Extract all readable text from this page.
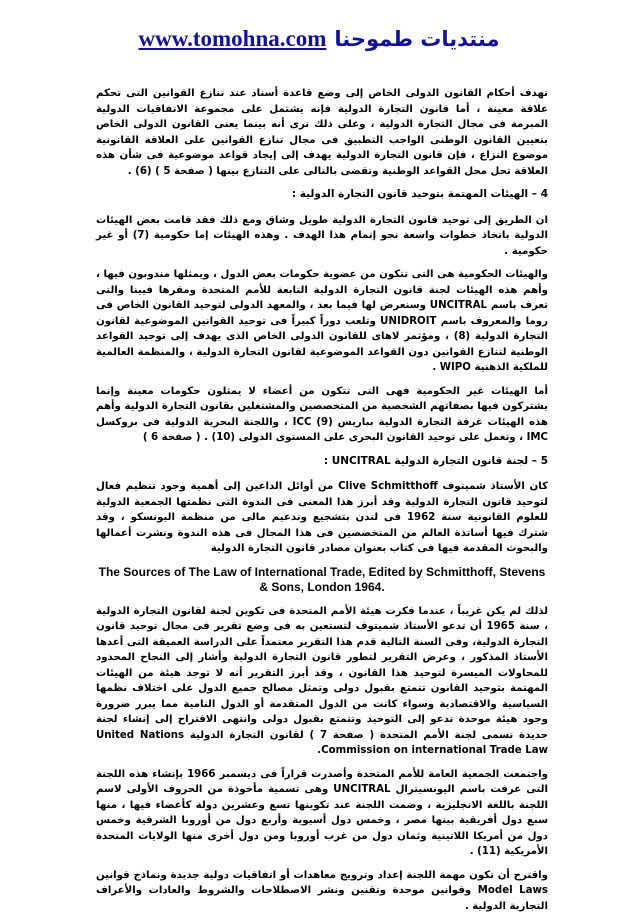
www.tomohna.com منتديات طموحنا

تهدف أحكام القانون الدولى الخاص إلى وضع قاعدة أسناد عند تنازع القوانين التى تحكم علاقة معينة ، أما قانون التجارة الدولية فإنه يشتمل على مجموعة الاتفاقيات الدولية المبرمة فى مجال التجارة الدولية ، وعلى ذلك نرى أنه بينما يعنى القانون الدولى الخاص بتعيين القانون الوطنى الواجب التطبيق فى مجال تنازع القوانين على العلاقة القانونية موضوع النزاع ، فإن قانون التجارة الدولية يهدف إلى إيجاد قواعد موضوعية فى شأن هذه العلاقة تحل محل القواعد الوطنية وتقضى بالتالى على التنازع بينها ( صفحة 5 ) (6) .

4 – الهيئات المهتمة بتوحيد قانون التجارة الدولية :

ان الطريق إلى توحيد قانون التجارة الدولية طويل وشاق ومع ذلك فقد قامت بعض الهيئات الدولية باتخاذ خطوات واسعة نحو إتمام هذا الهدف . وهذه الهيئات إما حكومية (7) أو غير حكومية .

والهيئات الحكومية هى التى تتكون من عضوية حكومات بعض الدول ، ويمثلها مندوبون فيها ، وأهم هذه الهيئات لجنة قانون التجارة الدولية التابعة للأمم المتحدة ومقرها فيينا والتى تعرف باسم UNCITRAL وسنعرض لها فيما بعد ، والمعهد الدولى لتوحيد القانون الخاص فى روما والمعروف باسم UNIDROIT وتلعب دوراً كبيراً فى توحيد القوانين الموضوعية لقانون التجارة الدولية (8) ، ومؤتمر لاهاى للقانون الدولى الخاص الذى يهدف إلى توحيد القواعد الوطنية لتنازع القوانين دون القواعد الموضوعية لقانون التجارة الدولية ، والمنظمة العالمية للملكية الذهنية WIPO .

أما الهيئات غير الحكومية فهى التى تتكون من أعضاء لا يمثلون حكومات معينة وإنما يشتركون فيها بصفاتهم الشخصية من المتخصصين والمشتغلين بقانون التجارة الدولية وأهم هذه الهيئات غرفة التجارة الدولية بباريس ICC (9) ، واللجنة البحرية الدولية فى بروكسل IMC ، وتعمل على توحيد القانون البحرى على المستوى الدولى (10) . ( صفحة 6 )

5 – لجنة قانون التجارة الدولية UNCITRAL :

كان الأستاذ شميتوف Clive Schmitthoff من أوائل الداعين إلى أهمية وجود تنظيم فعال لتوحيد قانون التجارة الدولية وقد أبرز هذا المعنى فى الندوة التى نظمتها الجمعية الدولية للعلوم القانونية سنة 1962 فى لندن بتشجيع وتدعيم مالى من منظمة اليونسكو ، وقد شترك فيها أساتذة العالم من المتخصصين فى هذا المجال فى هذه الندوة ونشرت أعمالها والبحوث المقدمة فيها فى كتاب بعنوان مصادر قانون التجارة الدولية

The Sources of The Law of International Trade, Edited by Schmitthoff, Stevens & Sons, London 1964.

لذلك لم يكن غريباً ، عندما فكرت هيئة الأمم المتحدة فى تكوين لجنة لقانون التجارة الدولية ، سنة 1965 أن تدعو الأستاذ شميتوف لتستعين به فى وضع تقرير فى مجال توحيد قانون التجارة الدولية، وفى السنة التالية قدم هذا التقرير معتمداً على الدراسة العميقة التى أعدها الأستاذ المذكور ، وعرض التقرير لتطور قانون التجارة الدولية وأشار إلى النجاح المحدود للمحاولات الميسرة لتوحيد هذا القانون ، وقد أبرز التقرير أنه لا توجد هيئة من الهيئات المهتمة بتوحيد القانون تتمتع بقبول دولى وتمثل مصالح جميع الدول على اختلاف نظمها السياسية والاقتصادية وسواء كانت من الدول المتقدمة أو الدول النامية مما يبرر ضرورة وجود هيئة موحدة تدعو إلى التوحيد وتتمتع بقبول دولى وانتهى الاقتراح إلى إنشاء لجنة جديدة تسمى لجنة الأمم المتحدة ( صفحة 7 ) لقانون التجارة الدولية United Nations Commission on international Trade Law.

واجتمعت الجمعية العامة للأمم المتحدة وأصدرت قراراً فى ديسمبر 1966 بإنشاء هذه اللجنة التى عرفت باسم اليونسيترال UNCITRAL وهى تسمية مأخوذة من الحروف الأولى لاسم اللجنة باللغة الانجليزية ، وضمت اللجنة عند تكوينها تسع وعشرين دولة كأعضاء فيها ، منها سبع دول أفريقية بينها مصر ، وخمس دول أسيوية وأربع دول من أوروبا الشرقية وخمس دول من أمريكا اللاتينية وثمان دول من غرب أوروبا ومن دول أخرى منها الولايات المتحدة الأمريكية (11) .

واقترح أن تكون مهمة اللجنة إعداد وترويج معاهدات أو اتفاقيات دولية جديدة ونماذج قوانين Model Laws وقوانين موحدة وتقنين ونشر الاصطلاحات والشروط والعادات والأعراف التجارية الدولية .
